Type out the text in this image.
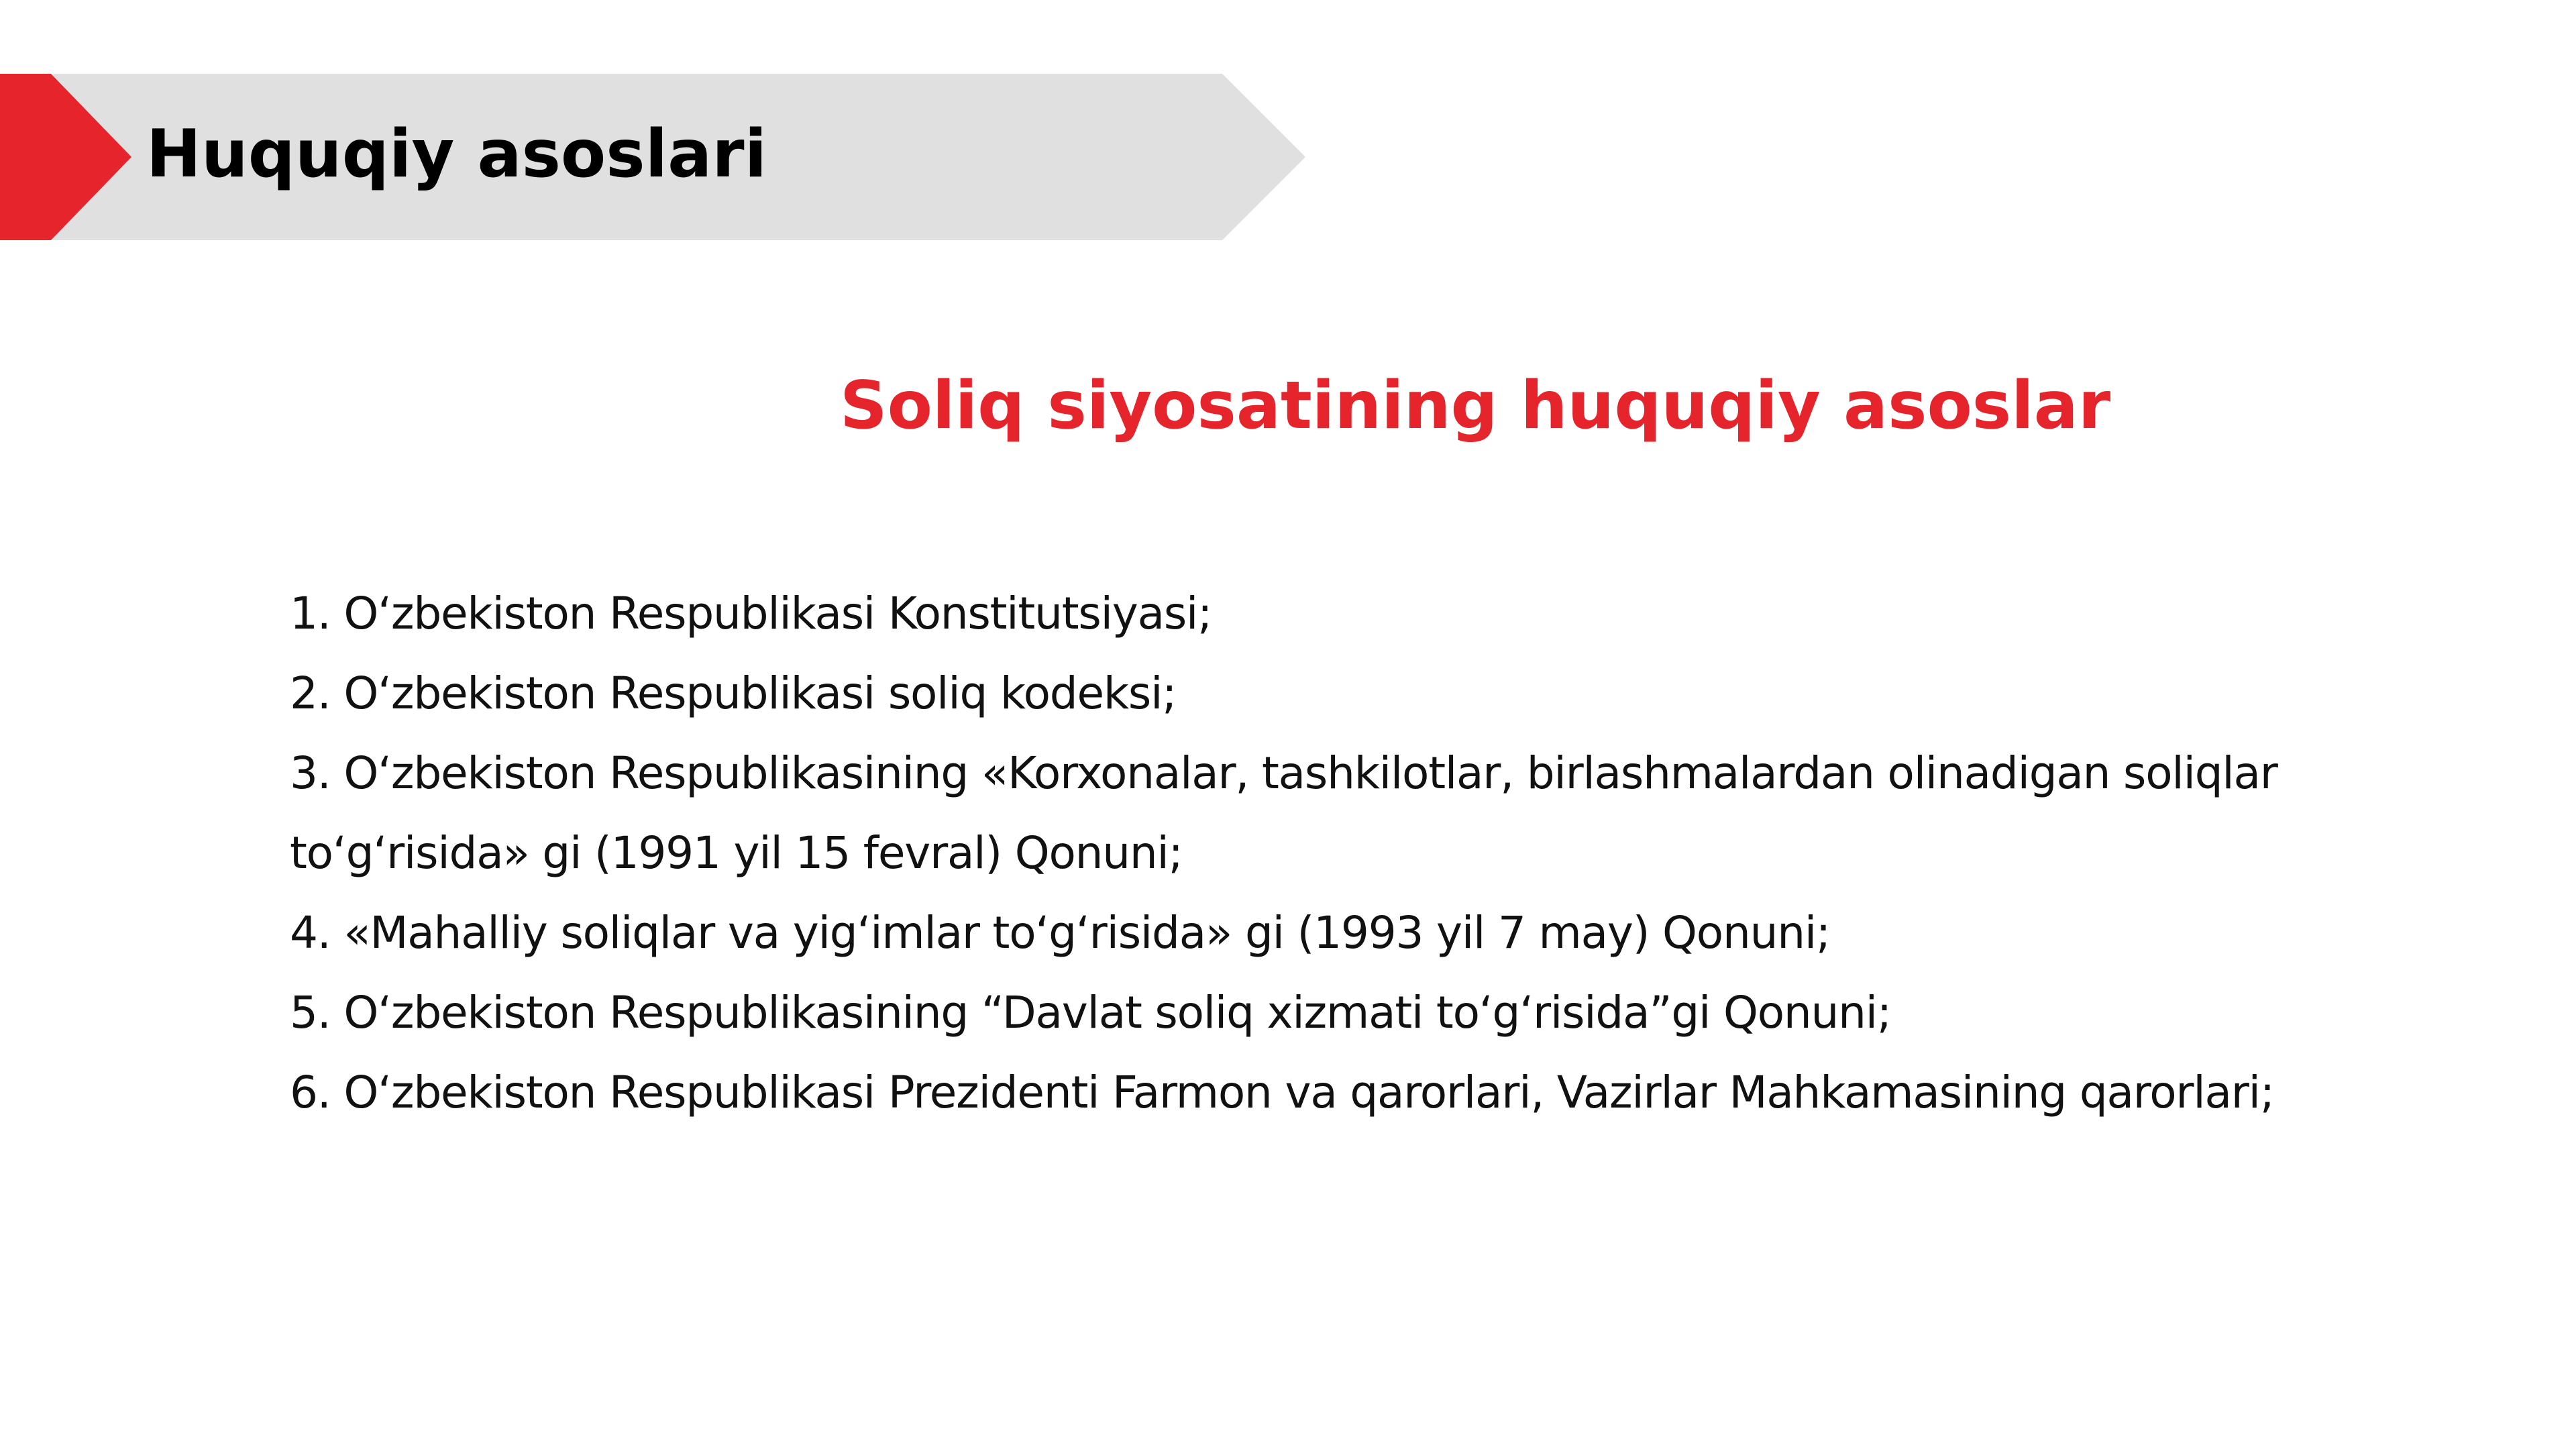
Huquqiy asoslari
Soliq siyosatining huquqiy asoslar
1. O‘zbekiston Respublikasi Konstitutsiyasi;
2. O‘zbekiston Respublikasi soliq kodeksi;
3. O‘zbekiston Respublikasining «Korxonalar, tashkilotlar, birlashmalardan olinadigan soliqlar to‘g‘risida» gi (1991 yil 15 fevral) Qonuni;
4. «Mahalliy soliqlar va yig‘imlar to‘g‘risida» gi (1993 yil 7 may) Qonuni;
5. O‘zbekiston Respublikasining “Davlat soliq xizmati to‘g‘risida”gi Qonuni;
6. O‘zbekiston Respublikasi Prezidenti Farmon va qarorlari, Vazirlar Mahkamasining qarorlari;
